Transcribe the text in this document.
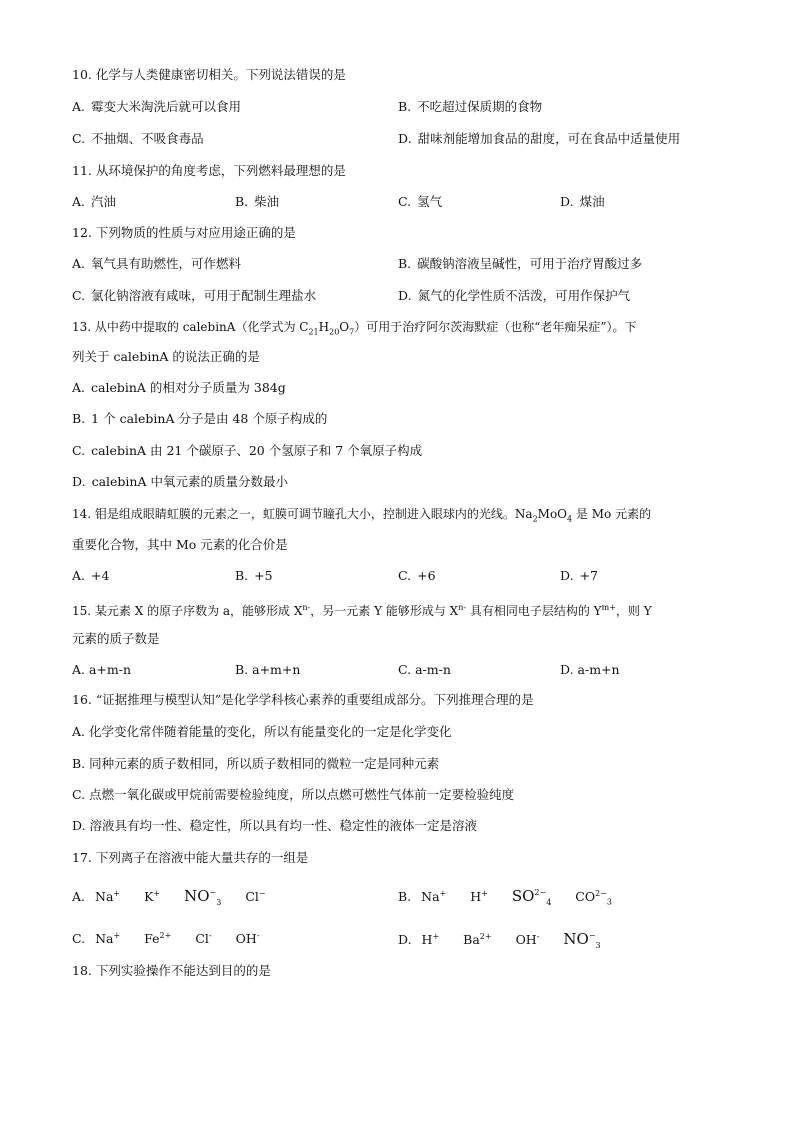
10. 化学与人类健康密切相关。下列说法错误的是
A. 霉变大米淘洗后就可以食用	B. 不吃超过保质期的食物
C. 不抽烟、不吸食毒品	D. 甜味剂能增加食品的甜度，可在食品中适量使用
11. 从环境保护的角度考虑，下列燃料最理想的是
A. 汽油	B. 柴油	C. 氢气	D. 煤油
12. 下列物质的性质与对应用途正确的是
A. 氧气具有助燃性，可作燃料	B. 碳酸钠溶液呈碱性，可用于治疗胃酸过多
C. 氯化钠溶液有咸味，可用于配制生理盐水	D. 氮气的化学性质不活泼，可用作保护气
13. 从中药中提取的 calebinA（化学式为 $C_{21}H_{20}O_7$）可用于治疗阿尔茨海默症（也称“老年痴呆症”）。下
列关于 calebinA 的说法正确的是
A. calebinA 的相对分子质量为 384g
B. 1 个 calebinA 分子是由 48 个原子构成的
C. calebinA 由 21 个碳原子、20 个氢原子和 7 个氧原子构成
D. calebinA 中氧元素的质量分数最小
14. 钼是组成眼睛虹膜的元素之一，虹膜可调节瞳孔大小，控制进入眼球内的光线。$Na_2MoO_4$ 是 Mo 元素的
重要化合物，其中 Mo 元素的化合价是
A. +4	B. +5	C. +6	D. +7
15. 某元素 X 的原子序数为 a，能够形成 $X^{n-}$，另一元素 Y 能够形成与 $X^{n-}$ 具有相同电子层结构的 $Y^{m+}$，则 Y
元素的质子数是
A. a+m-n	B. a+m+n	C. a-m-n	D. a-m+n
16. “证据推理与模型认知”是化学学科核心素养的重要组成部分。下列推理合理的是
A. 化学变化常伴随着能量的变化，所以有能量变化的一定是化学变化
B. 同种元素的质子数相同，所以质子数相同的微粒一定是同种元素
C. 点燃一氧化碳或甲烷前需要检验纯度，所以点燃可燃性气体前一定要检验纯度
D. 溶液具有均一性、稳定性，所以具有均一性、稳定性的液体一定是溶液
17. 下列离子在溶液中能大量共存的一组是
A. Na+ K+ $NO^-_3$ Cl−	B. Na+ H+ $SO^{2-}_4$ $CO^{2-}_3$
C. Na+ $Fe^{2+}$ Cl- OH-	D. H+ $Ba^{2+}$ OH- $NO^-_3$
18. 下列实验操作不能达到目的的是
